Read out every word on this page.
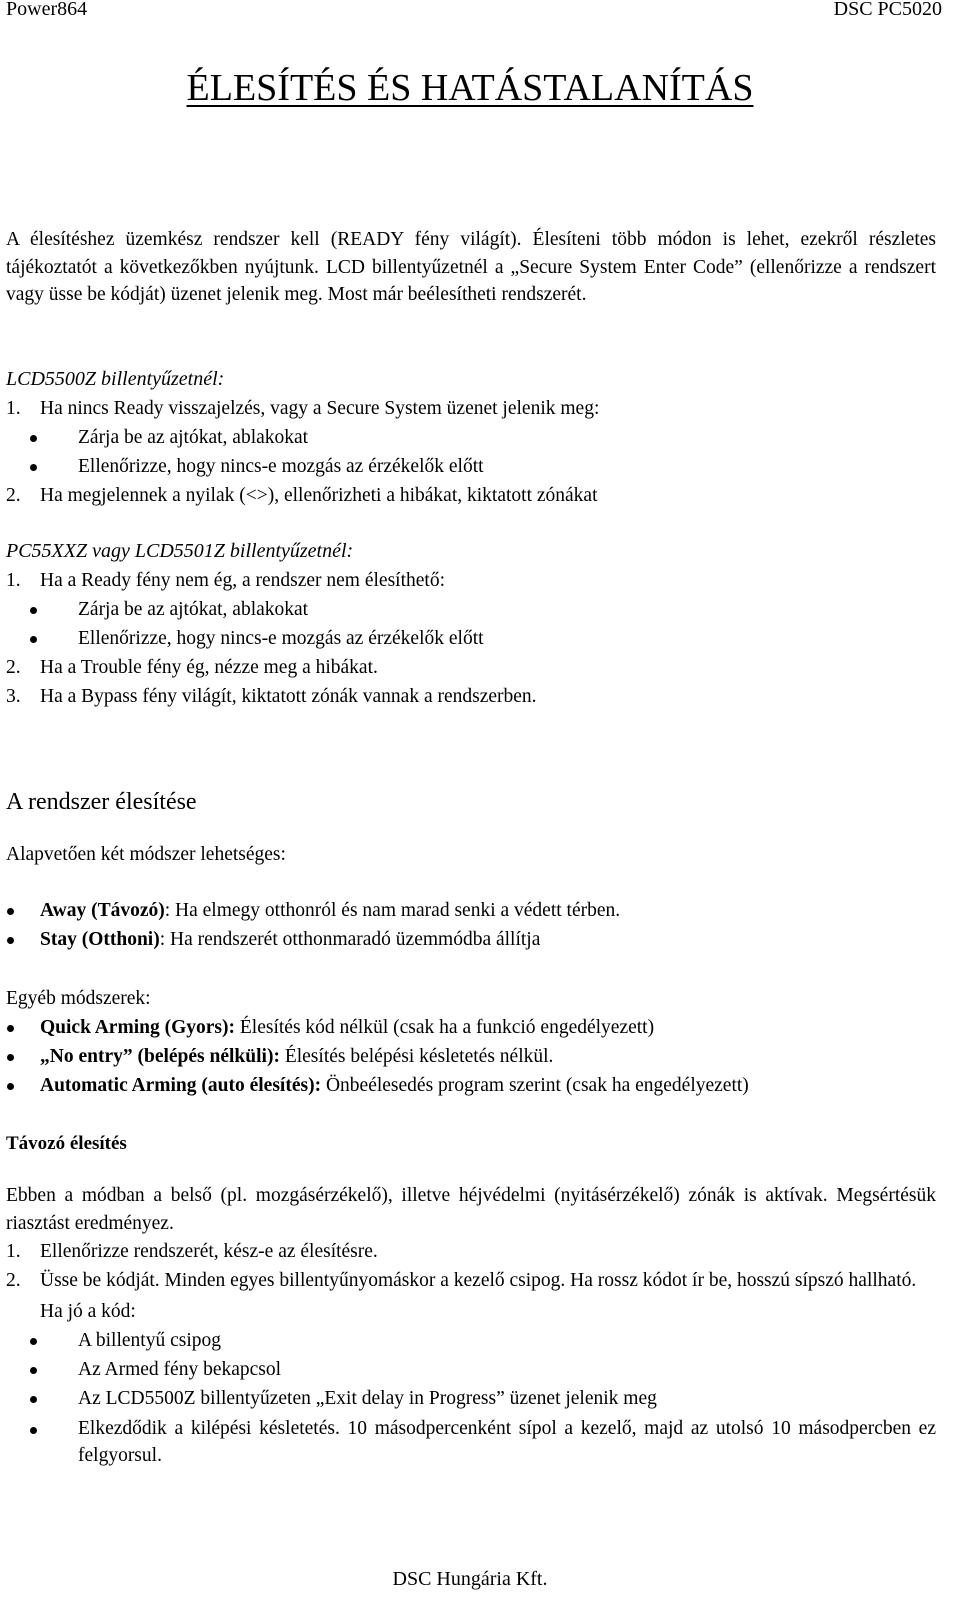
Power864	DSC PC5020
ÉLESÍTÉS ÉS HATÁSTALANÍTÁS
A élesítéshez üzemkész rendszer kell (READY fény világít). Élesíteni több módon is lehet, ezekről részletes tájékoztatót a következőkben nyújtunk. LCD billentyűzetnél a „Secure System Enter Code” (ellenőrizze a rendszert vagy üsse be kódját) üzenet jelenik meg. Most már beélesítheti rendszerét.
LCD5500Z billentyűzetnél:
1. Ha nincs Ready visszajelzés, vagy a Secure System üzenet jelenik meg:
Zárja be az ajtókat, ablakokat
Ellenőrizze, hogy nincs-e mozgás az érzékelők előtt
2. Ha megjelennek a nyilak (<>), ellenőrizheti a hibákat, kiktatott zónákat
PC55XXZ vagy LCD5501Z billentyűzetnél:
1. Ha a Ready fény nem ég, a rendszer nem élesíthető:
Zárja be az ajtókat, ablakokat
Ellenőrizze, hogy nincs-e mozgás az érzékelők előtt
2. Ha a Trouble fény ég, nézze meg a hibákat.
3. Ha a Bypass fény világít, kiktatott zónák vannak a rendszerben.
A rendszer élesítése
Alapvetően két módszer lehetséges:
Away (Távozó): Ha elmegy otthonról és nam marad senki a védett térben.
Stay (Otthoni): Ha rendszerét otthonmaradó üzemmódba állítja
Egyéb módszerek:
Quick Arming (Gyors): Élesítés kód nélkül (csak ha a funkció engedélyezett)
„No entry” (belépés nélküli): Élesítés belépési késletetés nélkül.
Automatic Arming (auto élesítés): Önbeélesedés program szerint (csak ha engedélyezett)
Távozó élesítés
Ebben a módban a belső (pl. mozgásérzékelő), illetve héjvédelmi (nyitásérzékelő) zónák is aktívak. Megsértésük riasztást eredményez.
1. Ellenőrizze rendszerét, kész-e az élesítésre.
2. Üsse be kódját. Minden egyes billentyűnyomáskor a kezelő csipog. Ha rossz kódot ír be, hosszú sípszó hallható.
Ha jó a kód:
A billentyű csipog
Az Armed fény bekapcsol
Az LCD5500Z billentyűzeten „Exit delay in Progress” üzenet jelenik meg
Elkezdődik a kilépési késletetés. 10 másodpercenként sípol a kezelő, majd az utolsó 10 másodpercben ez felgyorsul.
DSC Hungária Kft.
